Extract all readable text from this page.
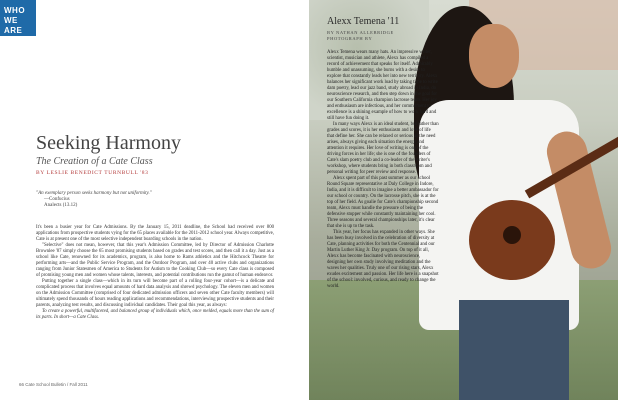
WHO
WE
ARE
Seeking Harmony
The Creation of a Cate Class
BY LESLIE BENEDICT TURNBULL '83
"An exemplary person seeks harmony but not uniformity."
—Confucius
Analects (13.12)

It's been a busier year for Cate Admissions. By the January 15, 2011 deadline, the School had received over 800 applications from prospective students vying for the 65 places available for the 2011-2012 school year. Always competitive, Cate is at present one of the most selective independent boarding schools in the nation.

"Selective" does not mean, however, that this year's Admission Committee, led by Director of Admission Charlotte Brownlee '87 simply choose the 65 most promising students based on grades and test scores, and then call it a day. Just as a school like Cate, renowned for its academics, program, is also home to Rams athletics and the Hitchcock Theatre for performing arts—and the Public Service Program, and the Outdoor Program, and over 40 active clubs and organizations ranging from Junior Statesmen of America to Students for Autism to the Cooking Club—so every Cate class is composed of promising young men and women whose talents, interests, and potential contributions run the gamut of human endeavor.

Putting together a single class—which in its turn will become part of a rolling four-year cohort—is a delicate and complicated process that involves equal amounts of hard data analysis and shrewd psychology. The eleven men and women on the Admission Committee (comprised of four dedicated admission officers and seven other Cate faculty members) will ultimately spend thousands of hours reading applications and recommendations, interviewing prospective students and their parents, analyzing test results, and discussing individual candidates. Their goal this year, as always:

To create a powerful, multifaceted, and balanced group of individuals which, once melded, equals more than the sum of its parts. In short—a Cate Class.

66 Cate School Bulletin / Fall 2011
Alexx Temena '11
BY NATHAN ALLEBRIDGE
PHOTOGRAPH BY

Alexx Temena wears many hats. An impressive writer, scientist, musician and athlete, Alexx has compiled a record of achievement that speaks for itself. Admirably humble and unassuming, she burns with a desire to explore that constantly leads her into new territory. Alexx balances her significant work load by taking time to write dam poetry, lead our jazz band, study abroad in India, do neuroscience research, and then step down in the goal for our Southern California champion lacrosse team. Her joy and enthusiasm are infectious, and her commitment to excellence is a shining example of how to work hard and still have fun doing it.

In many ways Alexx is an ideal student, but rather than grades and scores, it is her enthusiasm and love of life that define her. She can be relaxed or serious as the need arises, always giving each situation the energy and attention it requires. Her love of writing is one of the driving forces in her life; she is one of the founders of Cate's slam poetry club and a co-leader of the writer's workshop, where students bring in both classroom and personal writing for peer review and response.

Alexx spent part of this past summer as our school Round Square representative at Daly College in Indore, India, and it is difficult to imagine a better ambassador for our school or country. On the lacrosse pitch, she is at the top of her field. As goalie for Cate's championship second team, Alexx must handle the pressure of being the defensive stopper while constantly maintaining her cool. Three seasons and several championships later, it's clear that she is up to the task.

This year, her focus has expanded in other ways. She has been busy involved in the celebration of diversity at Cate, planning activities for both the Centennial and our Martin Luther King Jr. Day program. On top of it all, Alexx has become fascinated with neuroscience, designing her own study involving meditation and the waves her qualities. Truly one of our rising stars, Alexx exudes excitement and passion. Her life here is a snapshot of the school: involved, curious, and ready to change the world.
